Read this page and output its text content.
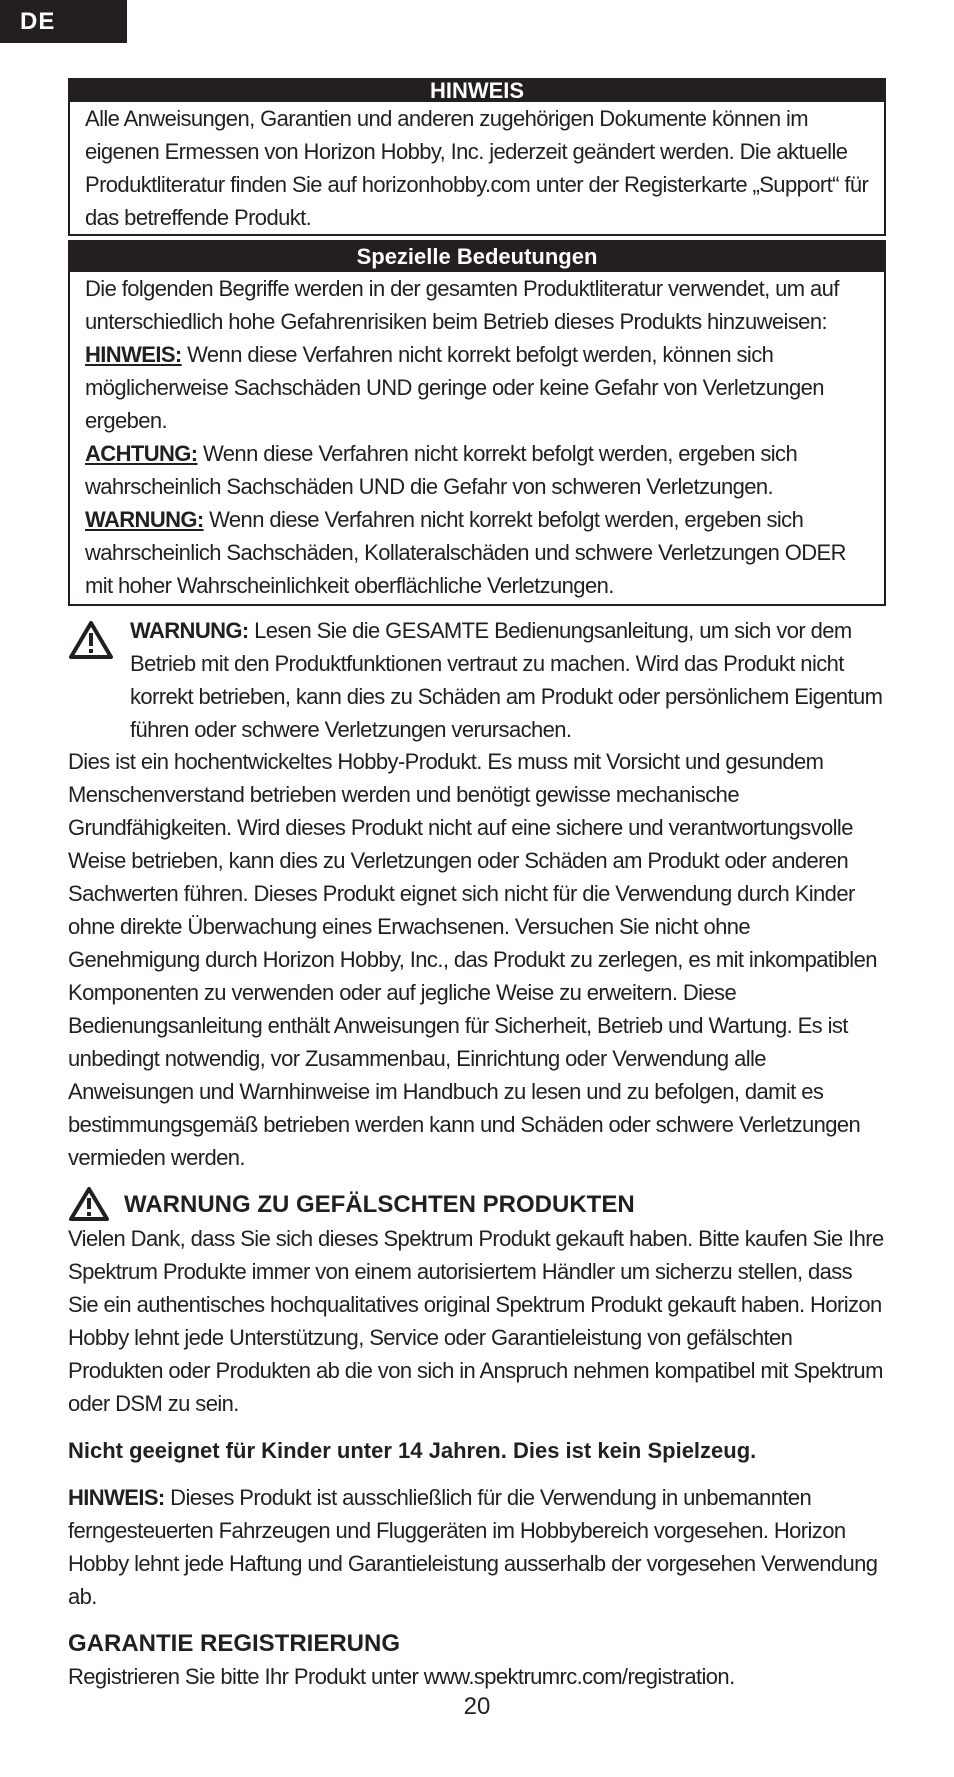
DE
HINWEIS

Alle Anweisungen, Garantien und anderen zugehörigen Dokumente können im eigenen Ermessen von Horizon Hobby, Inc. jederzeit geändert werden. Die aktuelle Produktliteratur finden Sie auf horizonhobby.com unter der Registerkarte „Support“ für das betreffende Produkt.

Spezielle Bedeutungen

Die folgenden Begriffe werden in der gesamten Produktliteratur verwendet, um auf unterschiedlich hohe Gefahrenrisiken beim Betrieb dieses Produkts hinzuweisen:

HINWEIS: Wenn diese Verfahren nicht korrekt befolgt werden, können sich möglicherweise Sachschäden UND geringe oder keine Gefahr von Verletzungen ergeben.

ACHTUNG: Wenn diese Verfahren nicht korrekt befolgt werden, ergeben sich wahrscheinlich Sachschäden UND die Gefahr von schweren Verletzungen.

WARNUNG: Wenn diese Verfahren nicht korrekt befolgt werden, ergeben sich wahrscheinlich Sachschäden, Kollateralschäden und schwere Verletzungen ODER mit hoher Wahrscheinlichkeit oberflächliche Verletzungen.

WARNUNG: Lesen Sie die GESAMTE Bedienungsanleitung, um sich vor dem Betrieb mit den Produktfunktionen vertraut zu machen. Wird das Produkt nicht korrekt betrieben, kann dies zu Schäden am Produkt oder persönlichem Eigentum führen oder schwere Verletzungen verursachen.

Dies ist ein hochentwickeltes Hobby-Produkt. Es muss mit Vorsicht und gesundem Menschenverstand betrieben werden und benötigt gewisse mechanische Grundfähigkeiten. Wird dieses Produkt nicht auf eine sichere und verantwortungsvolle Weise betrieben, kann dies zu Verletzungen oder Schäden am Produkt oder anderen Sachwerten führen. Dieses Produkt eignet sich nicht für die Verwendung durch Kinder ohne direkte Überwachung eines Erwachsenen. Versuchen Sie nicht ohne Genehmigung durch Horizon Hobby, Inc., das Produkt zu zerlegen, es mit inkompatiblen Komponenten zu verwenden oder auf jegliche Weise zu erweitern. Diese Bedienungsanleitung enthält Anweisungen für Sicherheit, Betrieb und Wartung. Es ist unbedingt notwendig, vor Zusammenbau, Einrichtung oder Verwendung alle Anweisungen und Warnhinweise im Handbuch zu lesen und zu befolgen, damit es bestimmungsgemäß betrieben werden kann und Schäden oder schwere Verletzungen vermieden werden.

WARNUNG ZU GEFÄLSCHTEN PRODUKTEN

Vielen Dank, dass Sie sich dieses Spektrum Produkt gekauft haben. Bitte kaufen Sie Ihre Spektrum Produkte immer von einem autorisiertem Händler um sicherzu stellen, dass Sie ein authentisches hochqualitatives original Spektrum Produkt gekauft haben. Horizon Hobby lehnt jede Unterstützung, Service oder Garantieleistung von gefälschten Produkten oder Produkten ab die von sich in Anspruch nehmen kompatibel mit Spektrum oder DSM zu sein.

Nicht geeignet für Kinder unter 14 Jahren. Dies ist kein Spielzeug.

HINWEIS: Dieses Produkt ist ausschließlich für die Verwendung in unbemannten ferngesteuerten Fahrzeugen und Fluggeräten im Hobbybereich vorgesehen. Horizon Hobby lehnt jede Haftung und Garantieleistung ausserhalb der vorgesehen Verwendung ab.

GARANTIE REGISTRIERUNG

Registrieren Sie bitte Ihr Produkt unter www.spektrumrc.com/registration.

20
